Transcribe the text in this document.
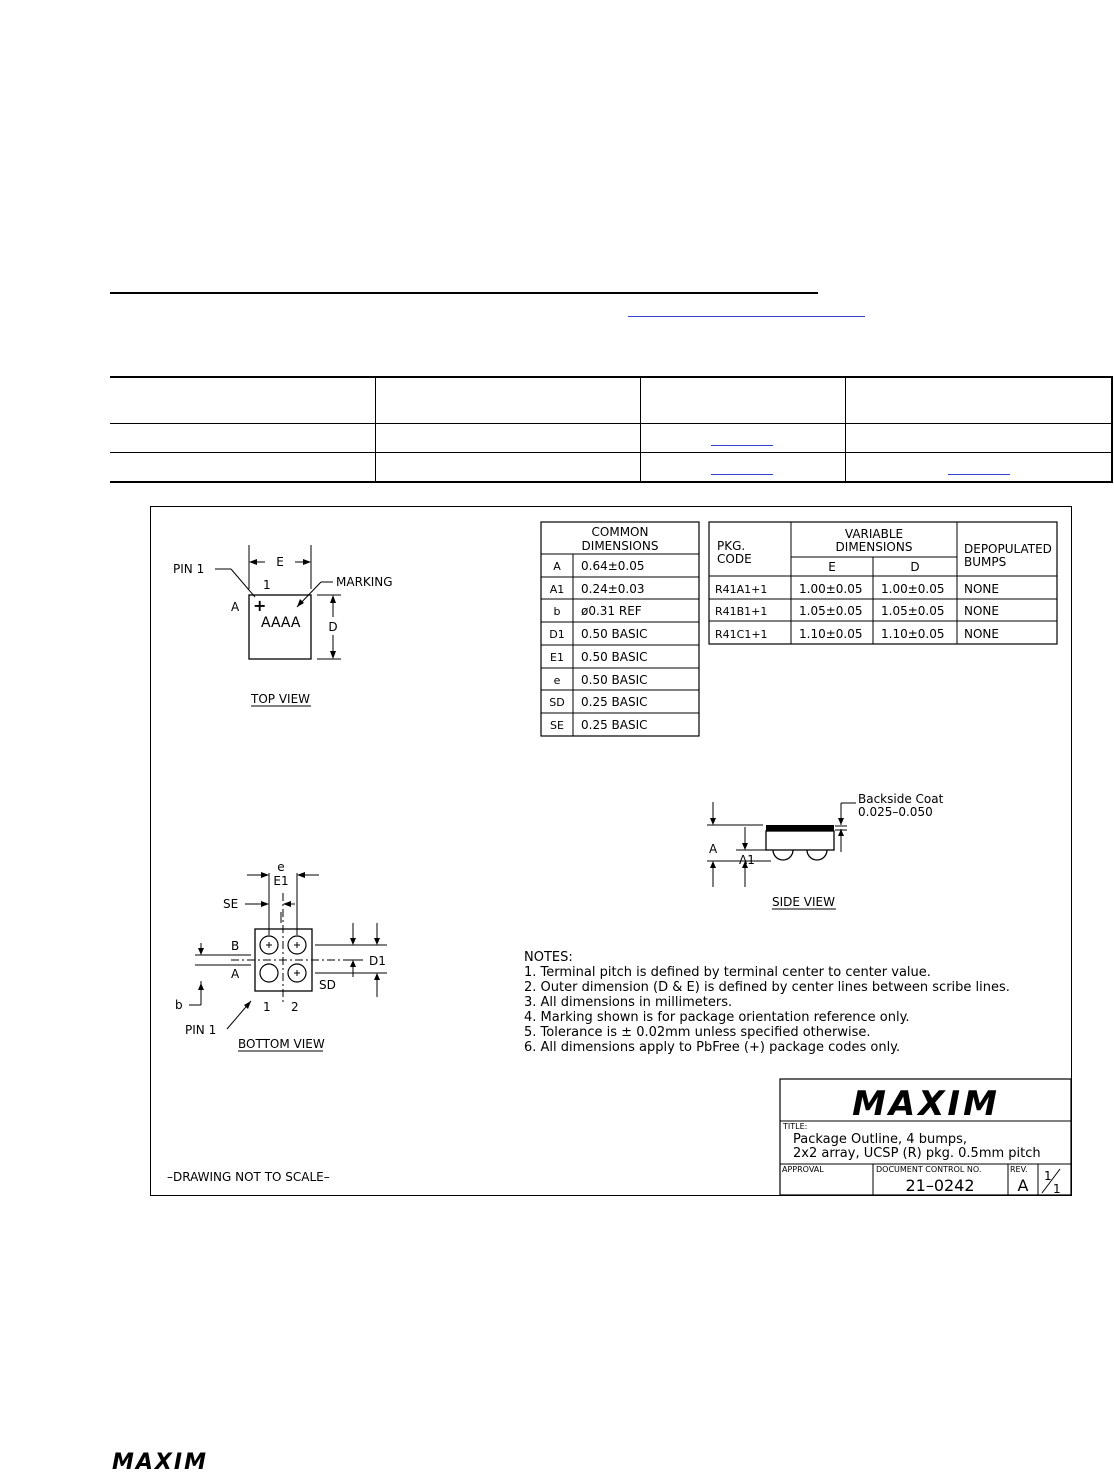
E
D
PIN 1
1
A +
AAAA
MARKING
TOP VIEW
COMMON
DIMENSIONS
A 0.64±0.05
A1 0.24±0.03
b ø0.31 REF
D1 0.50 BASIC
E1 0.50 BASIC
e 0.50 BASIC
SD 0.25 BASIC
SE 0.25 BASIC
PKG.
CODE
VARIABLE
DIMENSIONS
E	D
DEPOPULATED
BUMPS
R41A1+1	1.00±0.05 1.00±0.05 NONE
R41B1+1	1.05±0.05 1.05±0.05 NONE
R41C1+1	1.10±0.05 1.10±0.05 NONE
Backside Coat
0.025–0.050
A
A1
SIDE VIEW
e
E1
SE
B
A
b
D1
SD
1 2
PIN 1
BOTTOM VIEW
NOTES:
1. Terminal pitch is defined by terminal center to center value.
2. Outer dimension (D & E) is defined by center lines between scribe lines.
3. All dimensions in millimeters.
4. Marking shown is for package orientation reference only.
5. Tolerance is ± 0.02mm unless specified otherwise.
6. All dimensions apply to PbFree (+) package codes only.
–DRAWING NOT TO SCALE–
MAXIM
TITLE:
Package Outline, 4 bumps,
2x2 array, UCSP (R) pkg. 0.5mm pitch
APPROVAL	DOCUMENT CONTROL NO.
21–0242
REV.
A 1
1
MAXIM
